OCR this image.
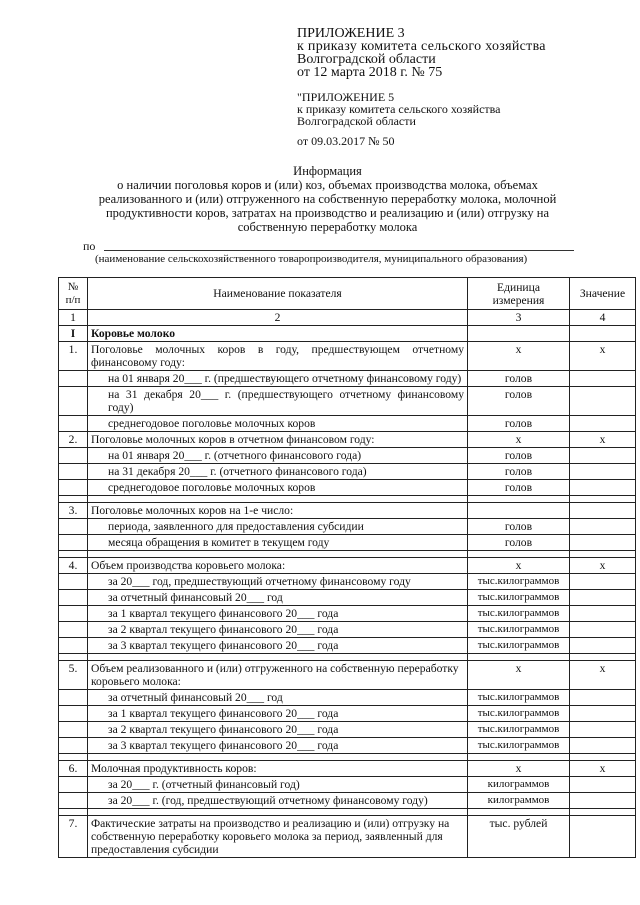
ПРИЛОЖЕНИЕ 3
к приказу комитета сельского хозяйства
Волгоградской области
от 12 марта 2018 г. № 75
"ПРИЛОЖЕНИЕ 5
к приказу комитета сельского хозяйства
Волгоградской области
от 09.03.2017 № 50
Информация
о наличии поголовья коров и (или) коз, объемах производства молока, объемах
реализованного и (или) отгруженного на собственную переработку молока, молочной
продуктивности коров, затратах на производство и реализацию и (или) отгрузку на
собственную переработку молока
по
(наименование сельскохозяйственного товаропроизводителя, муниципального образования)
№ п/п	Наименование показателя	Единица измерения	Значение
1	2	3	4
I	Коровье молоко		
1.	Поголовье молочных коров в году, предшествующем отчетному финансовому году:	х	х
	на 01 января 20___ г. (предшествующего отчетному финансовому году)	голов	
	на 31 декабря 20___ г. (предшествующего отчетному финансовому году)	голов	
	среднегодовое поголовье молочных коров	голов	
2.	Поголовье молочных коров в отчетном финансовом году:	х	х
	на 01 января 20___ г. (отчетного финансового года)	голов	
	на 31 декабря 20___ г. (отчетного финансового года)	голов	
	среднегодовое поголовье молочных коров	голов	

3.	Поголовье молочных коров на 1-е число:		
	периода, заявленного для предоставления субсидии	голов	
	месяца обращения в комитет в текущем году	голов	

4.	Объем производства коровьего молока:	х	х
	за 20___ год, предшествующий отчетному финансовому году	тыс.килограммов	
	за отчетный финансовый 20___ год	тыс.килограммов	
	за 1 квартал текущего финансового 20___ года	тыс.килограммов	
	за 2 квартал текущего финансового 20___ года	тыс.килограммов	
	за 3 квартал текущего финансового 20___ года	тыс.килограммов	

5.	Объем реализованного и (или) отгруженного на собственную переработку коровьего молока:	х	х
	за отчетный финансовый 20___ год	тыс.килограммов	
	за 1 квартал текущего финансового 20___ года	тыс.килограммов	
	за 2 квартал текущего финансового 20___ года	тыс.килограммов	
	за 3 квартал текущего финансового 20___ года	тыс.килограммов	

6.	Молочная продуктивность коров:	х	х
	за 20___ г. (отчетный финансовый год)	килограммов	
	за 20___ г. (год, предшествующий отчетному финансовому году)	килограммов	

7.	Фактические затраты на производство и реализацию и (или) отгрузку на собственную переработку коровьего молока за период, заявленный для предоставления субсидии	тыс. рублей	
